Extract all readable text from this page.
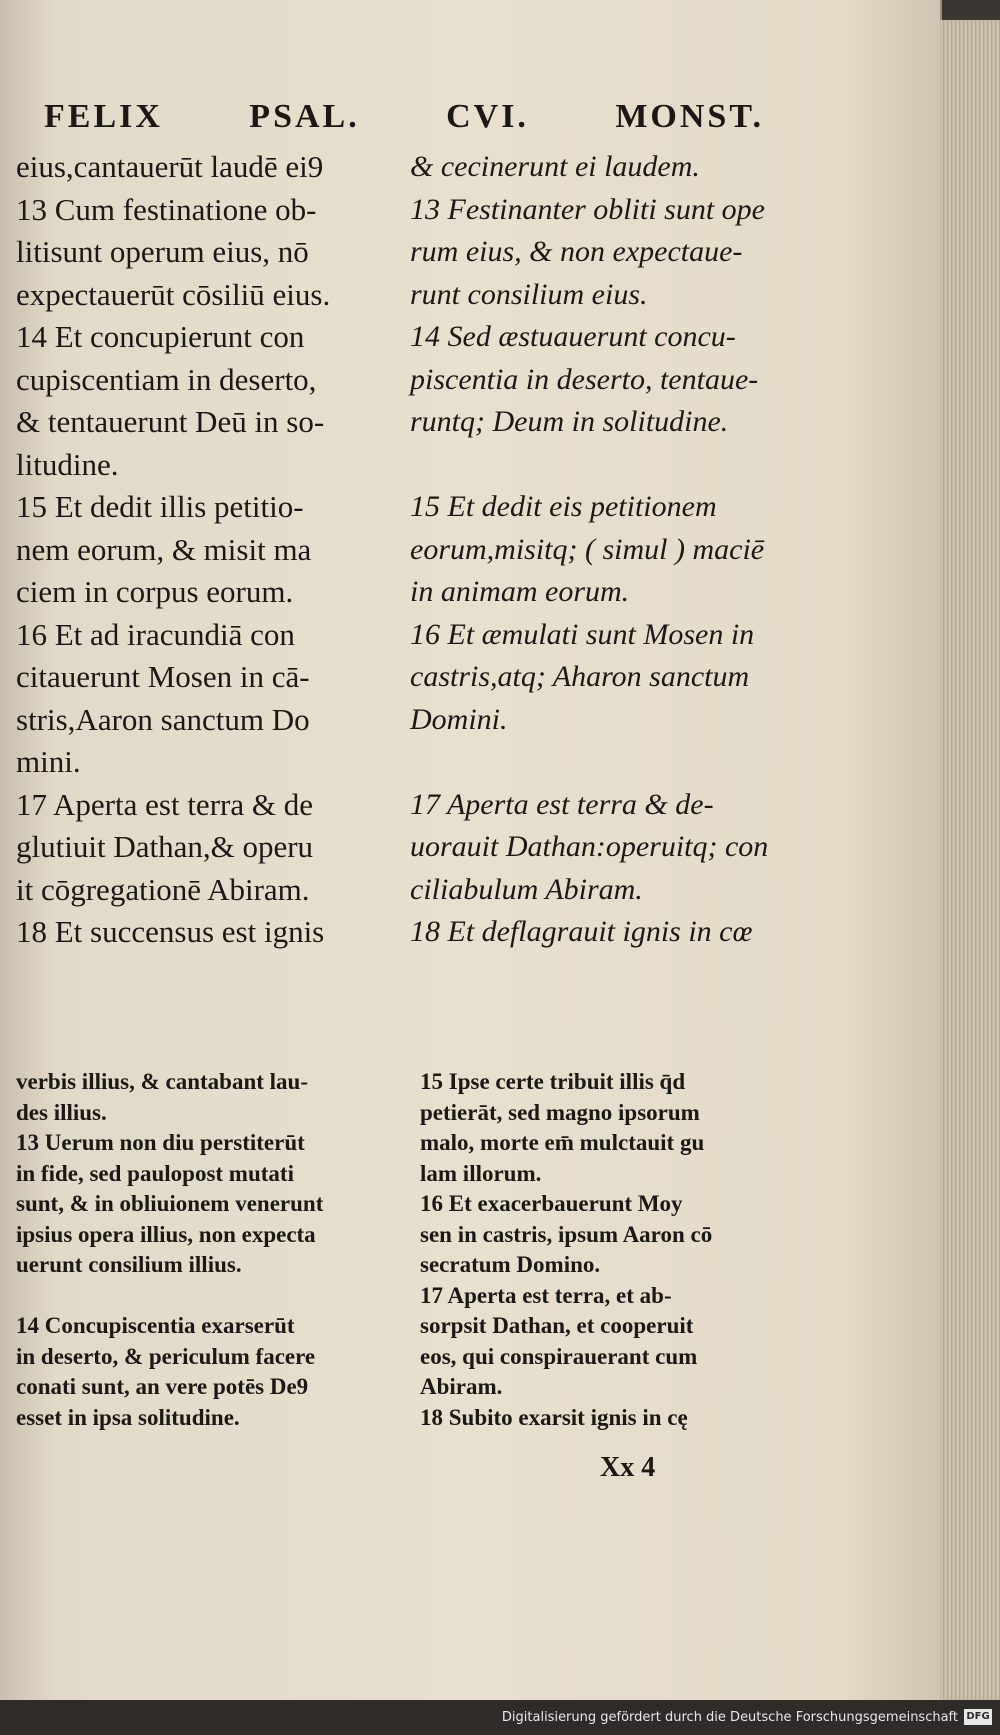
FELIX	PSAL.	CVI.	MONST.
eius,cantauerūt laudē ei9
13 Cum festinatione ob-
litisunt operum eius, nō
expectauerūt cōsiliū eius.
14 Et concupierunt con
cupiscentiam in deserto,
& tentauerunt Deū in so-
litudine.
15 Et dedit illis petitio-
nem eorum, & misit ma
ciem in corpus eorum.
16 Et ad iracundiā con
citauerunt Mosen in cā-
stris,Aaron sanctum Do
mini.
17 Aperta est terra & de
glutiuit Dathan,& operu
it cōgregationē Abiram.
18 Et succensus est ignis
& cecinerunt ei laudem.
13 Festinanter obliti sunt ope
rum eius, & non expectaue-
runt consilium eius.
14 Sed æstuauerunt concu-
piscentia in deserto, tentaue-
runtq; Deum in solitudine.
15 Et dedit eis petitionem
eorum,misitq; ( simul ) maciē
in animam eorum.
16 Et æmulati sunt Mosen in
castris,atq; Aharon sanctum
Domini.
17 Aperta est terra & de-
uorauit Dathan:operuitq; con
ciliabulum Abiram.
18 Et deflagrauit ignis in cœ
verbis illius, & cantabant lau-
des illius.
13 Uerum non diu perstiterūt
in fide, sed paulopost mutati
sunt, & in obliuionem venerunt
ipsius opera illius, non expecta
uerunt consilium illius.
14 Concupiscentia exarserūt
in deserto, & periculum facere
conati sunt, an vere potēs De9
esset in ipsa solitudine.
15 Ipse certe tribuit illis q̄d
petierāt, sed magno ipsorum
malo, morte em̄ mulctauit gu
lam illorum.
16 Et exacerbauerunt Moy
sen in castris, ipsum Aaron cō
secratum Domino.
17 Aperta est terra, et ab-
sorpsit Dathan, et cooperuit
eos, qui conspirauerant cum
Abiram.
18 Subito exarsit ignis in cę
Xx 4
Digitalisierung gefördert durch die Deutsche Forschungsgemeinschaft DFG
